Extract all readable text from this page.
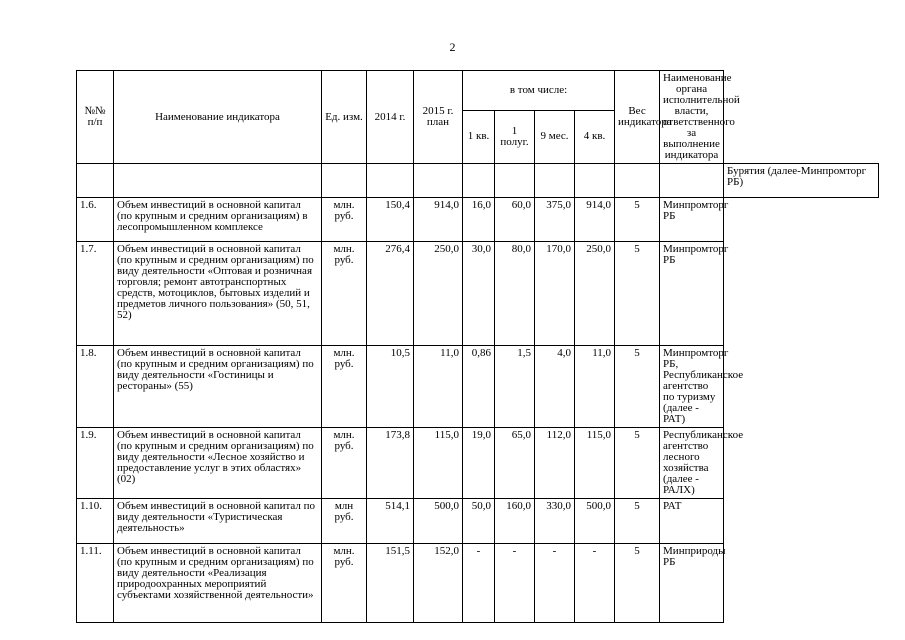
2
№№ п/п	Наименование индикатора	Ед. изм.	2014 г.	2015 г. план	в том числе:				Вес индикатора	Наименование органа исполнительной власти, ответственного за выполнение индикатора	
					1 кв.	1 полуг.	9 мес.	4 кв.			
											Бурятия (далее-Минпромторг РБ)
1.6.	Объем инвестиций в основной капитал (по крупным и средним организациям) в лесопромышленном комплексе	млн. руб.	150,4	914,0	16,0	60,0	375,0	914,0	5	Минпромторг РБ	
1.7.	Объем инвестиций в основной капитал (по крупным и средним организациям) по виду деятельности «Оптовая и розничная торговля; ремонт автотранспортных средств, мотоциклов, бытовых изделий и предметов личного пользования» (50, 51, 52)	млн. руб.	276,4	250,0	30,0	80,0	170,0	250,0	5	Минпромторг РБ	
1.8.	Объем инвестиций в основной капитал (по крупным и средним организациям) по виду деятельности «Гостиницы и рестораны» (55)	млн. руб.	10,5	11,0	0,86	1,5	4,0	11,0	5	Минпромторг РБ, Республиканское агентство по туризму (далее - РАТ)	
1.9.	Объем инвестиций в основной капитал (по крупным и средним организациям) по виду деятельности «Лесное хозяйство и предоставление услуг в этих областях» (02)	млн. руб.	173,8	115,0	19,0	65,0	112,0	115,0	5	Республиканское агентство лесного хозяйства (далее - РАЛХ)	
1.10.	Объем инвестиций в основной капитал по виду деятельности «Туристическая деятельность»	млн руб.	514,1	500,0	50,0	160,0	330,0	500,0	5	РАТ	
1.11.	Объем инвестиций в основной капитал (по крупным и средним организациям) по виду деятельности «Реализация природоохранных мероприятий субъектами хозяйственной деятельности»	млн. руб.	151,5	152,0	-	-	-	-	5	Минприроды РБ	
